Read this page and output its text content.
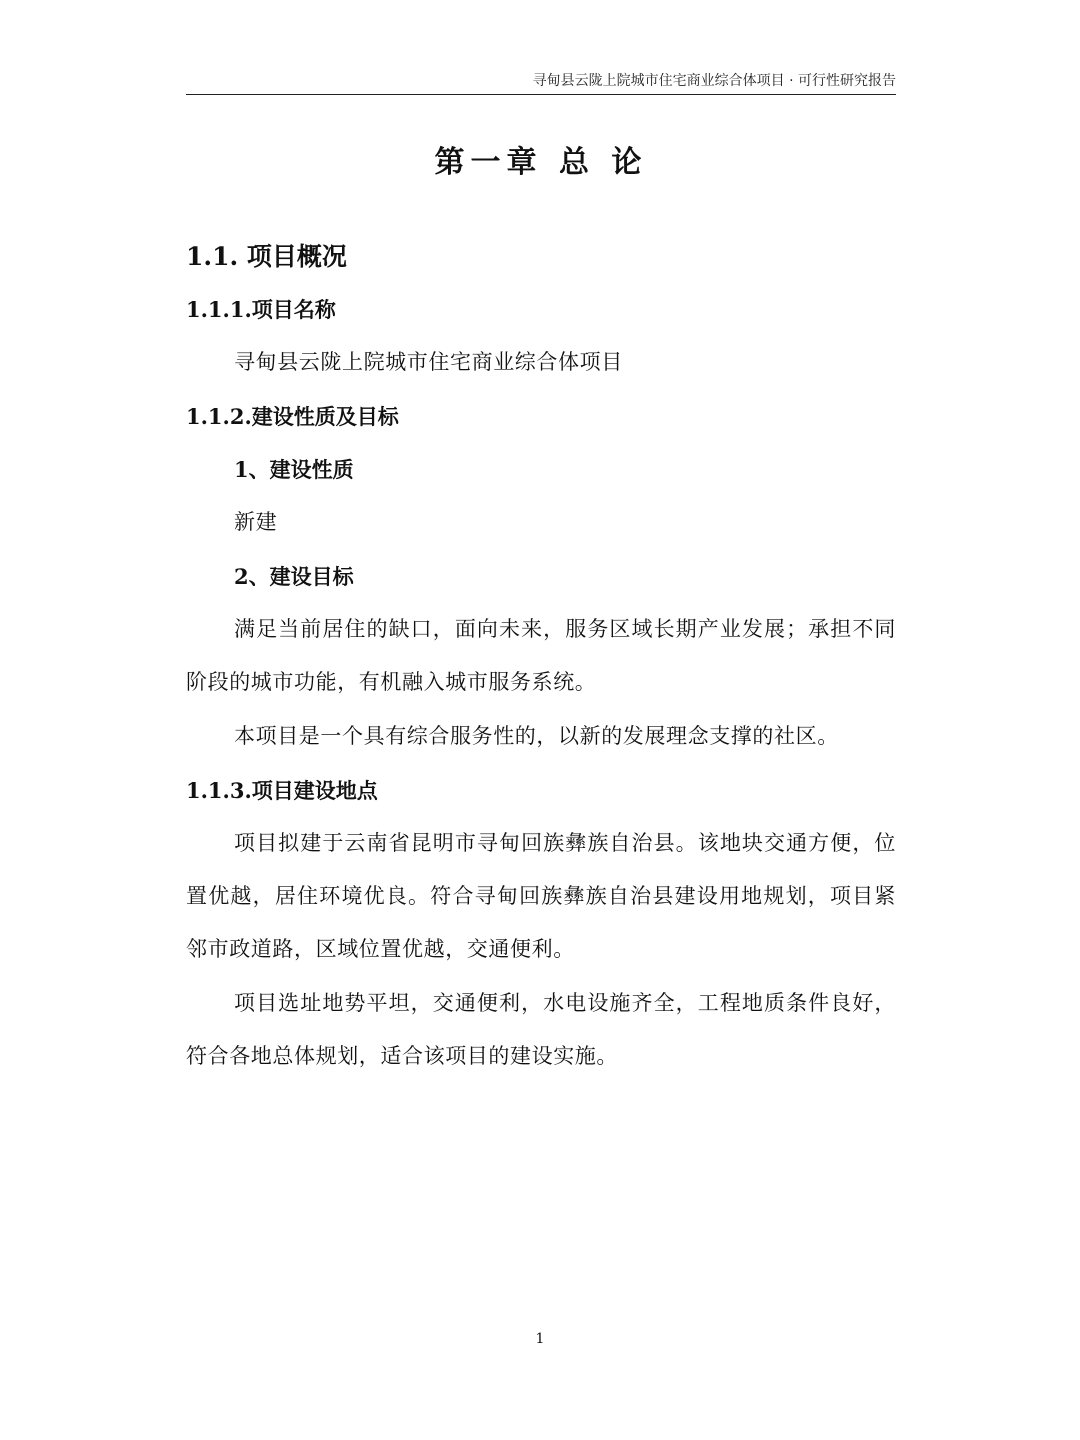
寻甸县云陇上院城市住宅商业综合体项目 · 可行性研究报告
第一章 总 论
1.1. 项目概况
1.1.1.项目名称
寻甸县云陇上院城市住宅商业综合体项目
1.1.2.建设性质及目标
1、建设性质
新建
2、建设目标
满足当前居住的缺口，面向未来，服务区域长期产业发展；承担不同阶段的城市功能，有机融入城市服务系统。
本项目是一个具有综合服务性的，以新的发展理念支撑的社区。
1.1.3.项目建设地点
项目拟建于云南省昆明市寻甸回族彝族自治县。该地块交通方便，位置优越，居住环境优良。符合寻甸回族彝族自治县建设用地规划，项目紧邻市政道路，区域位置优越，交通便利。
项目选址地势平坦，交通便利，水电设施齐全，工程地质条件良好，符合各地总体规划，适合该项目的建设实施。
1
